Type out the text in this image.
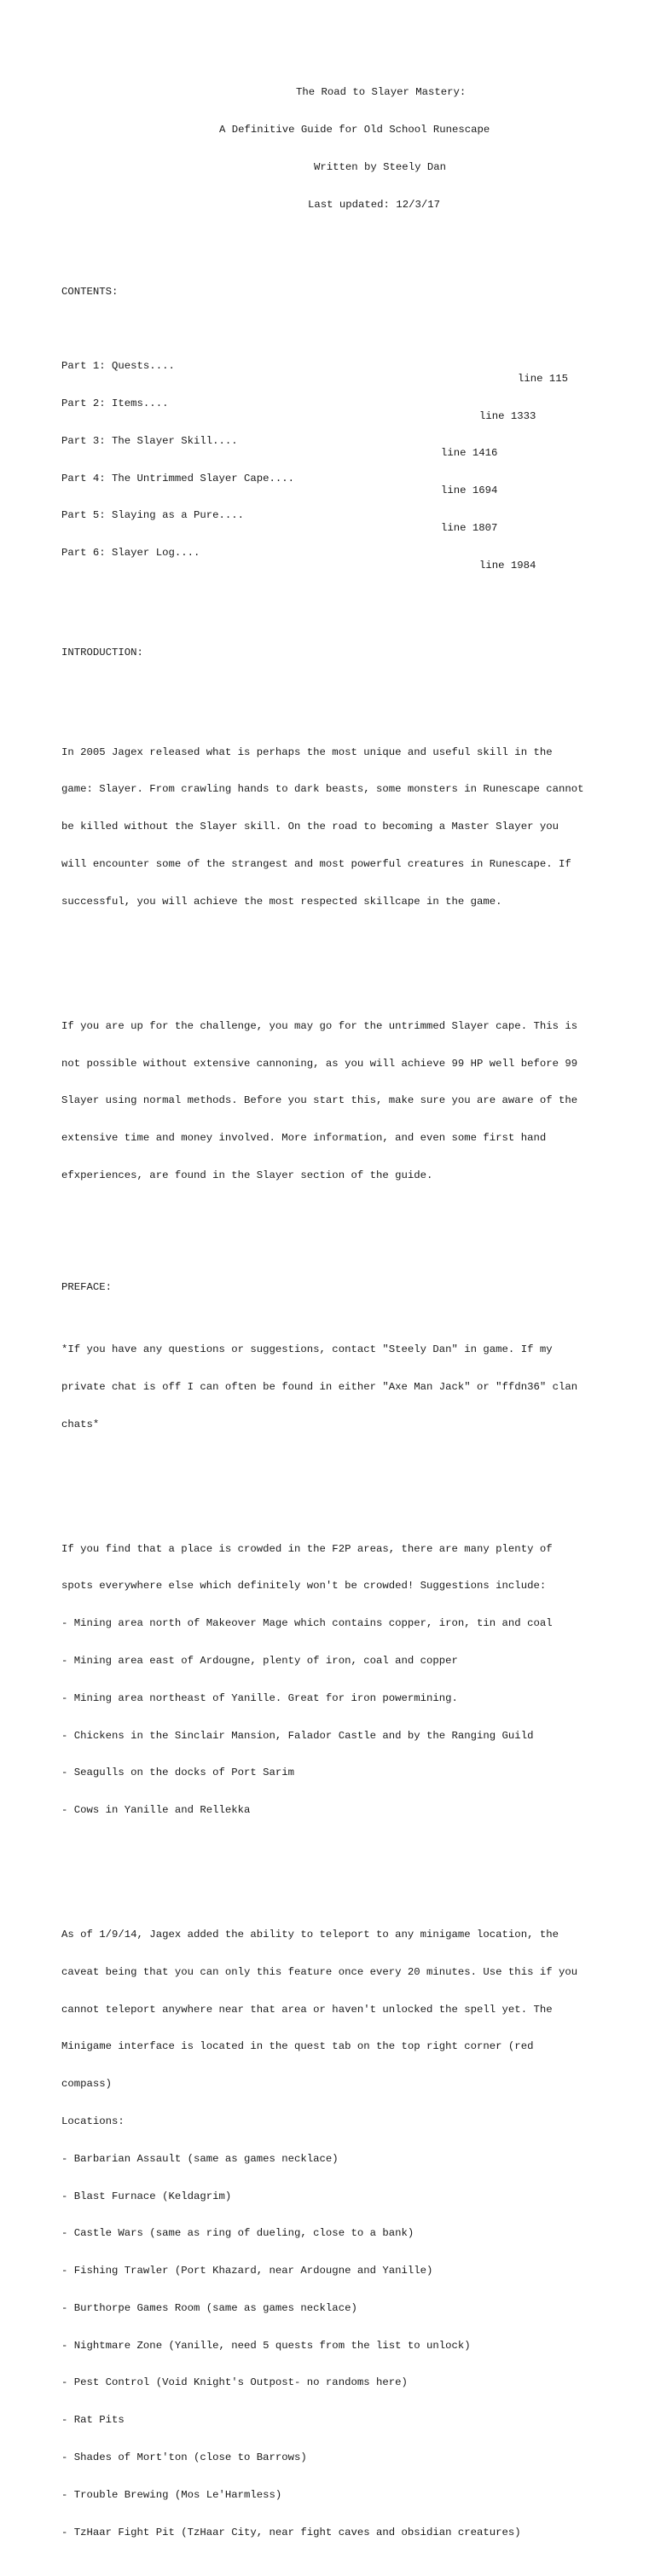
The Road to Slayer Mastery:

A Definitive Guide for Old School Runescape

Written by Steely Dan

Last updated: 12/3/17

CONTENTS:

Part 1: Quests....

line 115

Part 2: Items....

line 1333

Part 3: The Slayer Skill....

line 1416

Part 4: The Untrimmed Slayer Cape....

line 1694

Part 5: Slaying as a Pure....

line 1807

Part 6: Slayer Log....

line 1984

INTRODUCTION:

In 2005 Jagex released what is perhaps the most unique and useful skill in the

game: Slayer. From crawling hands to dark beasts, some monsters in Runescape cannot

be killed without the Slayer skill. On the road to becoming a Master Slayer you

will encounter some of the strangest and most powerful creatures in Runescape. If

successful, you will achieve the most respected skillcape in the game.

If you are up for the challenge, you may go for the untrimmed Slayer cape. This is

not possible without extensive cannoning, as you will achieve 99 HP well before 99

Slayer using normal methods. Before you start this, make sure you are aware of the

extensive time and money involved. More information, and even some first hand

efxperiences, are found in the Slayer section of the guide.

PREFACE:

*If you have any questions or suggestions, contact "Steely Dan" in game. If my

private chat is off I can often be found in either "Axe Man Jack" or "ffdn36" clan

chats*

If you find that a place is crowded in the F2P areas, there are many plenty of

spots everywhere else which definitely won't be crowded! Suggestions include:

- Mining area north of Makeover Mage which contains copper, iron, tin and coal

- Mining area east of Ardougne, plenty of iron, coal and copper

- Mining area northeast of Yanille. Great for iron powermining.

- Chickens in the Sinclair Mansion, Falador Castle and by the Ranging Guild

- Seagulls on the docks of Port Sarim

- Cows in Yanille and Rellekka

As of 1/9/14, Jagex added the ability to teleport to any minigame location, the

caveat being that you can only this feature once every 20 minutes. Use this if you

cannot teleport anywhere near that area or haven't unlocked the spell yet. The

Minigame interface is located in the quest tab on the top right corner (red

compass)

Locations:

- Barbarian Assault (same as games necklace)

- Blast Furnace (Keldagrim)

- Castle Wars (same as ring of dueling, close to a bank)

- Fishing Trawler (Port Khazard, near Ardougne and Yanille)

- Burthorpe Games Room (same as games necklace)

- Nightmare Zone (Yanille, need 5 quests from the list to unlock)

- Pest Control (Void Knight's Outpost- no randoms here)

- Rat Pits

- Shades of Mort'ton (close to Barrows)

- Trouble Brewing (Mos Le'Harmless)

- TzHaar Fight Pit (TzHaar City, near fight caves and obsidian creatures)
